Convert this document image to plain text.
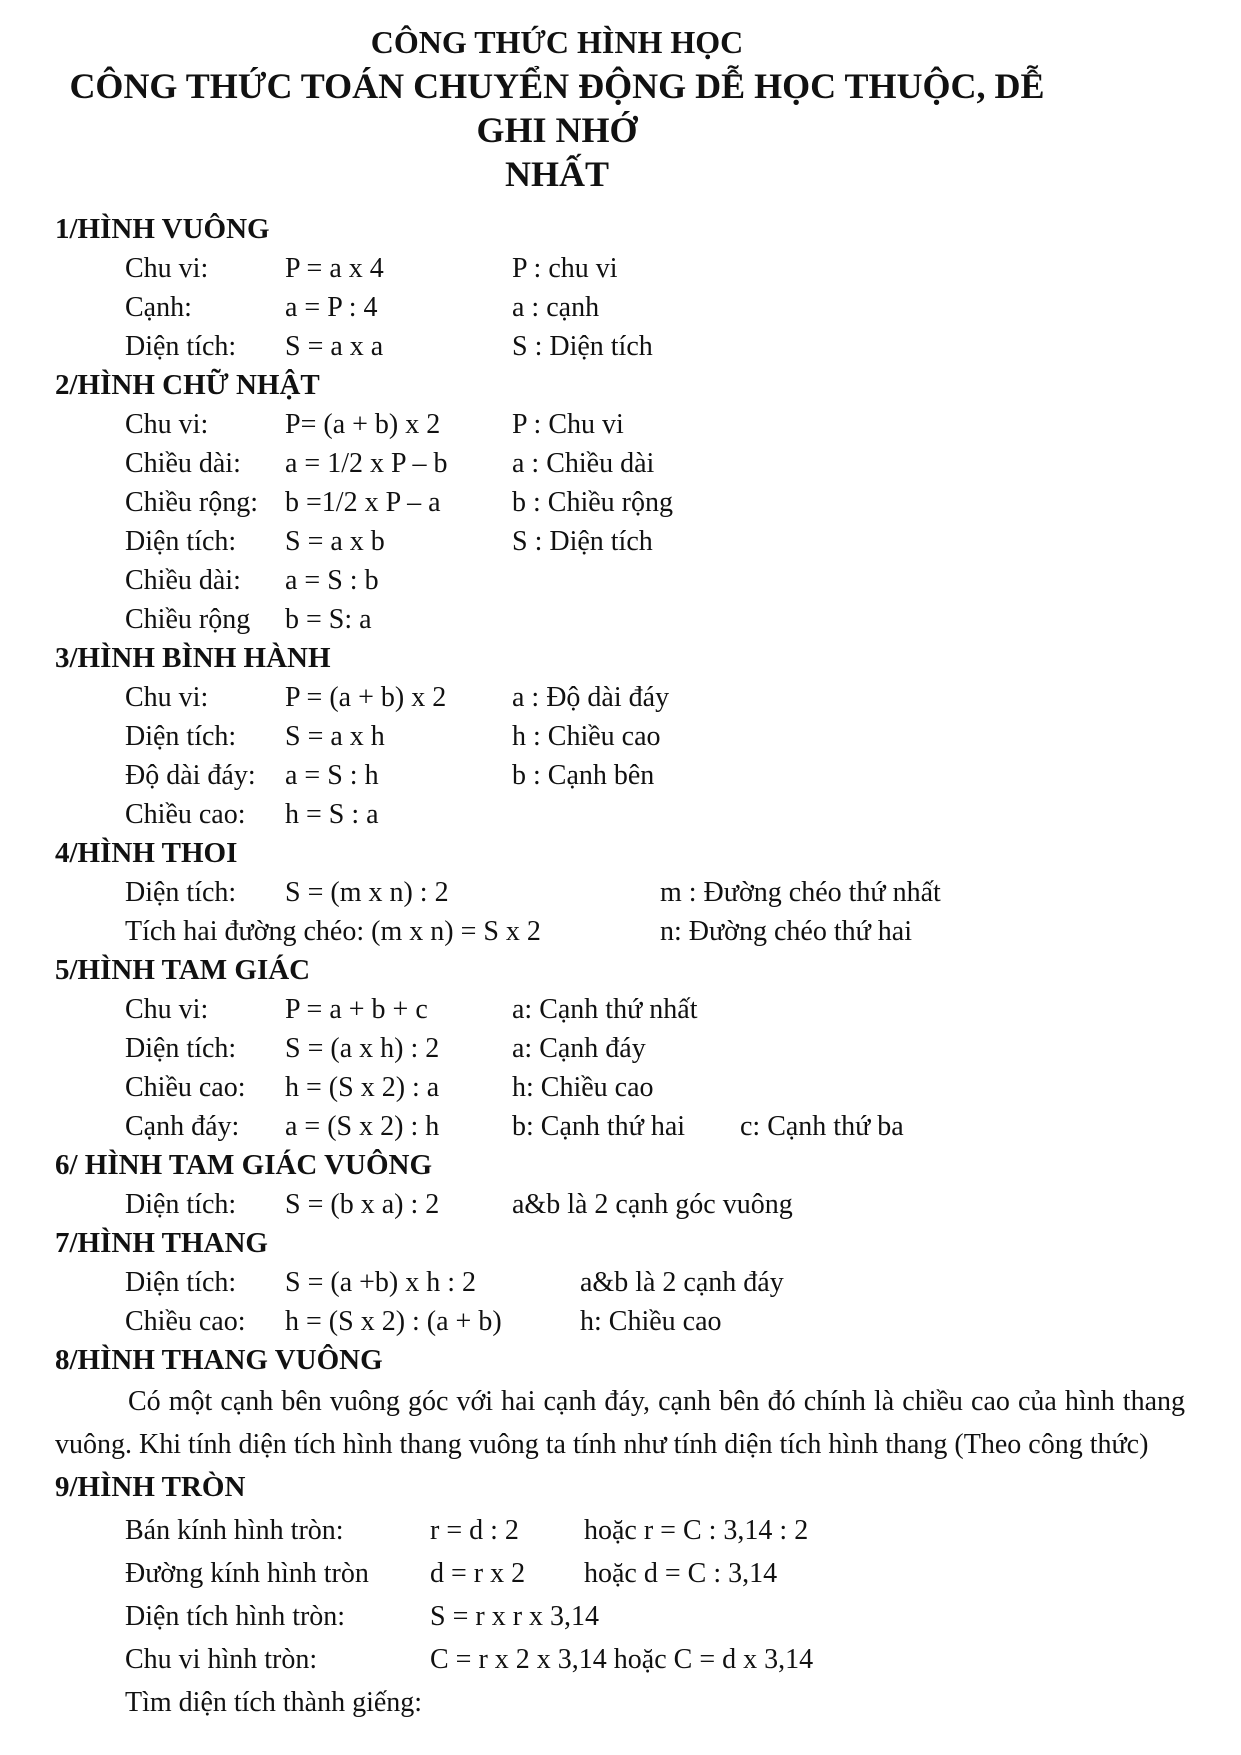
CÔNG THỨC HÌNH HỌC
CÔNG THỨC TOÁN CHUYỂN ĐỘNG DỄ HỌC THUỘC, DỄ GHI NHỚ
NHẤT
1/HÌNH VUÔNG
Chu vi:	P = a x 4	P : chu vi
Cạnh:	a = P : 4	a : cạnh
Diện tích:	S = a x a	S : Diện tích
2/HÌNH CHỮ NHẬT
Chu vi:	P= (a + b) x 2	P : Chu vi
Chiều dài:	a = 1/2 x P – b	a : Chiều dài
Chiều rộng: b =1/2 x P – a	b : Chiều rộng
Diện tích:	S = a x b	S : Diện tích
Chiều dài:	a = S : b
Chiều rộng	b = S: a
3/HÌNH BÌNH HÀNH
Chu vi:	P = (a + b) x 2	a : Độ dài đáy
Diện tích:	S = a x h	h : Chiều cao
Độ dài đáy:	a = S : h	b : Cạnh bên
Chiều cao:	h = S : a
4/HÌNH THOI
Diện tích:	S = (m x n) : 2	m : Đường chéo thứ nhất
Tích hai đường chéo: (m x n) = S x 2	n: Đường chéo thứ hai
5/HÌNH TAM GIÁC
Chu vi:	P = a + b + c	a: Cạnh thứ nhất
Diện tích:	S = (a x h) : 2	a: Cạnh đáy
Chiều cao:	h = (S x 2) : a	h: Chiều cao
Cạnh đáy:	a = (S x 2) : h	b: Cạnh thứ hai	c: Cạnh thứ ba
6/ HÌNH TAM GIÁC VUÔNG
Diện tích:	S = (b x a) : 2	a&b là 2 cạnh góc vuông
7/HÌNH THANG
Diện tích:	S = (a +b) x h : 2	a&b là 2 cạnh đáy
Chiều cao:	h = (S x 2) : (a + b)	h: Chiều cao
8/HÌNH THANG VUÔNG

Có một cạnh bên vuông góc với hai cạnh đáy, cạnh bên đó chính là chiều cao của hình thang vuông. Khi tính diện tích hình thang vuông ta tính như tính diện tích hình thang (Theo công thức)

9/HÌNH TRÒN
Bán kính hình tròn:	r = d : 2	hoặc r = C : 3,14 : 2
Đường kính hình tròn	d = r x 2	hoặc d = C : 3,14
Diện tích hình tròn:	S = r x r x 3,14
Chu vi hình tròn:	C = r x 2 x 3,14 hoặc C = d x 3,14
Tìm diện tích thành giếng:
